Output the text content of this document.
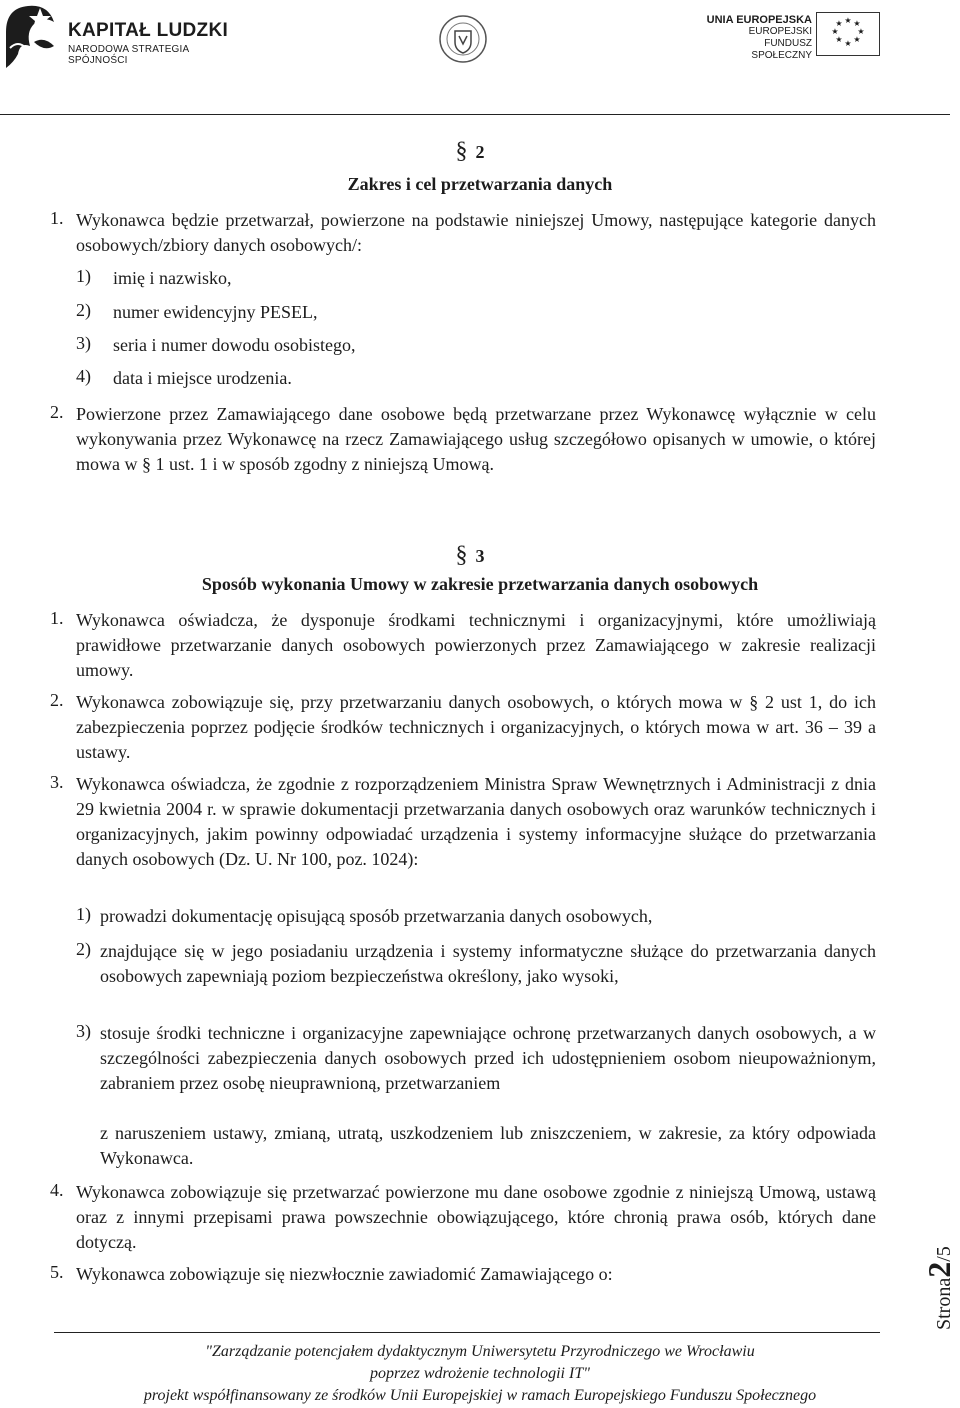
KAPITAŁ LUDZKI
NARODOWA STRATEGIA SPÓJNOŚCI
UNIA EUROPEJSKA
EUROPEJSKI
FUNDUSZ SPOŁECZNY
★ ★
★
★
★
★
★
★
§ 2
Zakres i cel przetwarzania danych
1. Wykonawca będzie przetwarzał, powierzone na podstawie niniejszej Umowy, następujące kategorie danych osobowych/zbiory danych osobowych/:
1) imię i nazwisko,
2) numer ewidencyjny PESEL,
3) seria i numer dowodu osobistego,
4) data i miejsce urodzenia.
2. Powierzone przez Zamawiającego dane osobowe będą przetwarzane przez Wykonawcę wyłącznie w celu wykonywania przez Wykonawcę na rzecz Zamawiającego usług szczegółowo opisanych w umowie, o której mowa w § 1 ust. 1 i w sposób zgodny z niniejszą Umową.
§ 3
Sposób wykonania Umowy w zakresie przetwarzania danych osobowych
1. Wykonawca oświadcza, że dysponuje środkami technicznymi i organizacyjnymi, które umożliwiają prawidłowe przetwarzanie danych osobowych powierzonych przez Zamawiającego w zakresie realizacji umowy.
2. Wykonawca zobowiązuje się, przy przetwarzaniu danych osobowych, o których mowa w § 2 ust 1, do ich zabezpieczenia poprzez podjęcie środków technicznych i organizacyjnych, o których mowa w art. 36 – 39 a ustawy.
3. Wykonawca oświadcza, że zgodnie z rozporządzeniem Ministra Spraw Wewnętrznych i Administracji z dnia 29 kwietnia 2004 r. w sprawie dokumentacji przetwarzania danych osobowych oraz warunków technicznych i organizacyjnych, jakim powinny odpowiadać urządzenia i systemy informacyjne służące do przetwarzania danych osobowych (Dz. U. Nr 100, poz. 1024):
1) prowadzi dokumentację opisującą sposób przetwarzania danych osobowych,
2) znajdujące się w jego posiadaniu urządzenia i systemy informatyczne służące do przetwarzania danych osobowych zapewniają poziom bezpieczeństwa określony, jako wysoki,
3) stosuje środki techniczne i organizacyjne zapewniające ochronę przetwarzanych danych osobowych, a w szczególności zabezpieczenia danych osobowych przed ich udostępnieniem osobom nieupoważnionym, zabraniem przez osobę nieuprawnioną, przetwarzaniem
z naruszeniem ustawy, zmianą, utratą, uszkodzeniem lub zniszczeniem, w zakresie, za który odpowiada Wykonawca.
4. Wykonawca zobowiązuje się przetwarzać powierzone mu dane osobowe zgodnie z niniejszą Umową, ustawą oraz z innymi przepisami prawa powszechnie obowiązującego, które chronią prawa osób, których dane dotyczą.
5. Wykonawca zobowiązuje się niezwłocznie zawiadomić Zamawiającego o:
Strona2/5
"Zarządzanie potencjałem dydaktycznym Uniwersytetu Przyrodniczego we Wrocławiu
poprzez wdrożenie technologii IT"
projekt współfinansowany ze środków Unii Europejskiej w ramach Europejskiego Funduszu Społecznego
